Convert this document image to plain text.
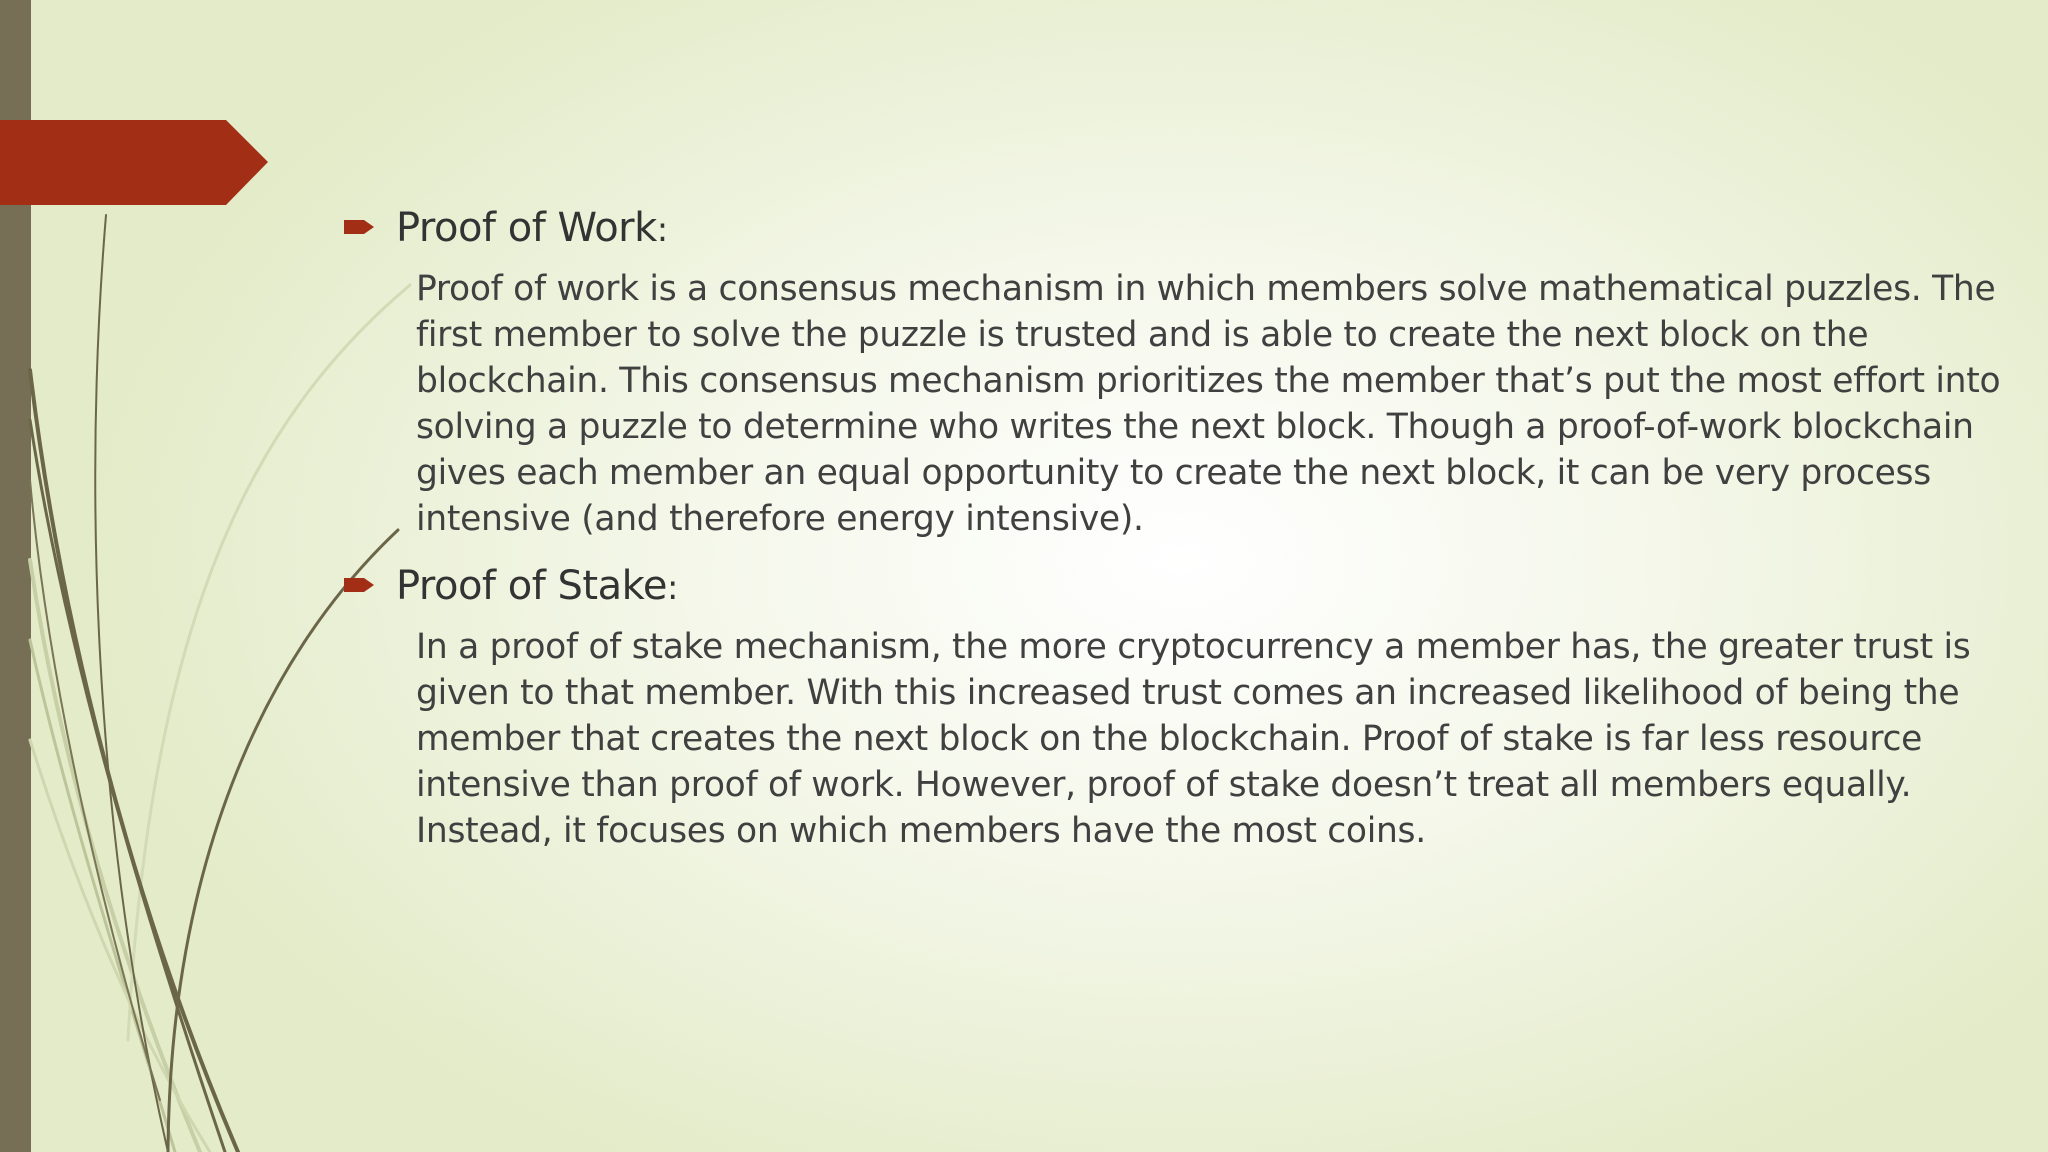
Proof of Work:
Proof of work is a consensus mechanism in which members solve mathematical puzzles. The first member to solve the puzzle is trusted and is able to create the next block on the blockchain. This consensus mechanism prioritizes the member that’s put the most effort into solving a puzzle to determine who writes the next block. Though a proof-of-work blockchain gives each member an equal opportunity to create the next block, it can be very process intensive (and therefore energy intensive).
Proof of Stake:
In a proof of stake mechanism, the more cryptocurrency a member has, the greater trust is given to that member. With this increased trust comes an increased likelihood of being the member that creates the next block on the blockchain. Proof of stake is far less resource intensive than proof of work. However, proof of stake doesn’t treat all members equally. Instead, it focuses on which members have the most coins.
